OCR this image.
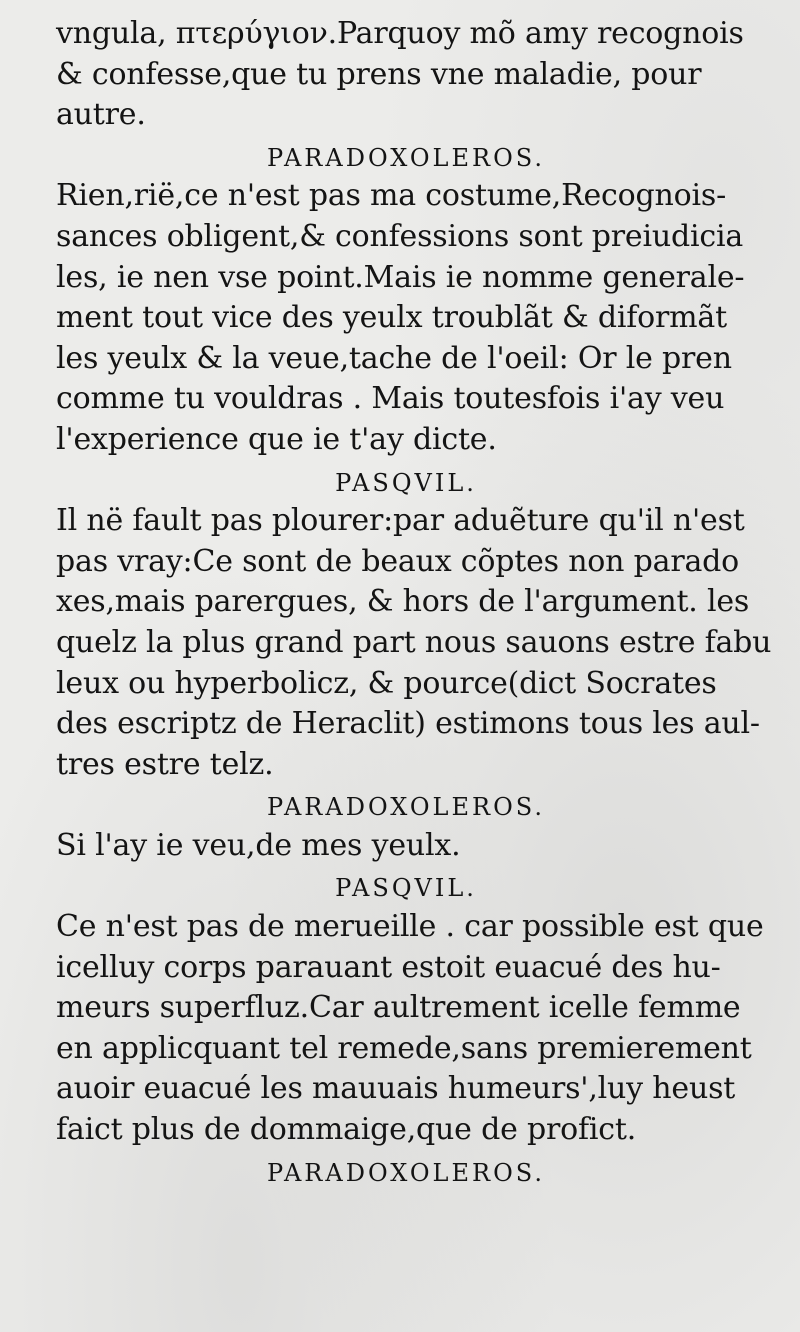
vngula, πτερύγιον.Parquoy mõ amy recognois
& confesse,que tu prens vne maladie, pour
autre.
PARADOXOLEROS.
Rien,rië,ce n'est pas ma costume,Recognois-
sances obligent,& confessions sont preiudicia
les, ie nen vse point.Mais ie nomme generale-
ment tout vice des yeulx troublãt & diformãt
les yeulx & la veue,tache de l'oeil: Or le pren
comme tu vouldras . Mais toutesfois i'ay veu
l'experience que ie t'ay dicte.
PASQVIL.
Il në fault pas plourer:par aduẽture qu'il n'est
pas vray:Ce sont de beaux cõptes non parado
xes,mais parergues, & hors de l'argument. les
quelz la plus grand part nous sauons estre fabu
leux ou hyperbolicz, & pource(dict Socrates
des escriptz de Heraclit) estimons tous les aul-
tres estre telz.
PARADOXOLEROS.
Si l'ay ie veu,de mes yeulx.
PASQVIL.
Ce n'est pas de merueille . car possible est que
icelluy corps parauant estoit euacué des hu-
meurs superfluz.Car aultrement icelle femme
en applicquant tel remede,sans premierement
auoir euacué les mauuais humeurs',luy heust
faict plus de dommaige,que de profict.
PARADOXOLEROS.
